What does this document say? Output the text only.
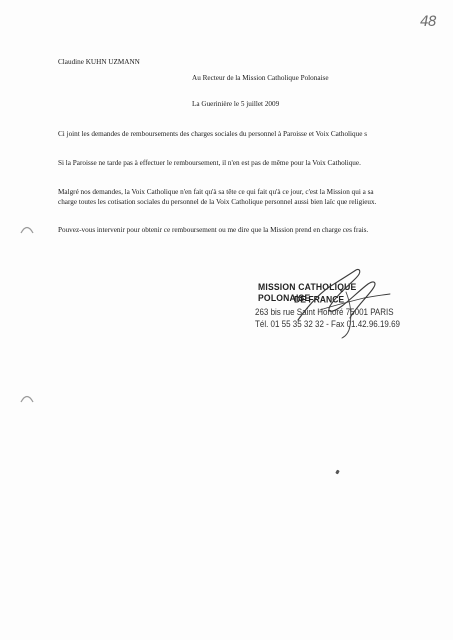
48
Claudine KUHN UZMANN
Au Recteur de la Mission Catholique Polonaise
La Guerinière le 5 juillet 2009
Ci joint les demandes de remboursements des charges sociales du personnel à Paroisse et Voix Catholique s
Si la Paroisse ne tarde pas à effectuer le remboursement, il n'en est pas de même pour la Voix Catholique.
Malgré nos demandes, la Voix Catholique n'en fait qu'à sa tête ce qui fait qu'à ce jour, c'est la Mission qui a sa charge toutes les cotisation sociales du personnel de la Voix Catholique personnel aussi bien laïc que religieux.
Pouvez-vous intervenir pour obtenir ce remboursement ou me dire que la Mission prend en charge ces frais.
MISSION CATHOLIQUE POLONAISE
DE FRANCE
263 bis rue Saint Honoré 75001 PARIS
Tél. 01 55 35 32 32 - Fax 01.42.96.19.69
